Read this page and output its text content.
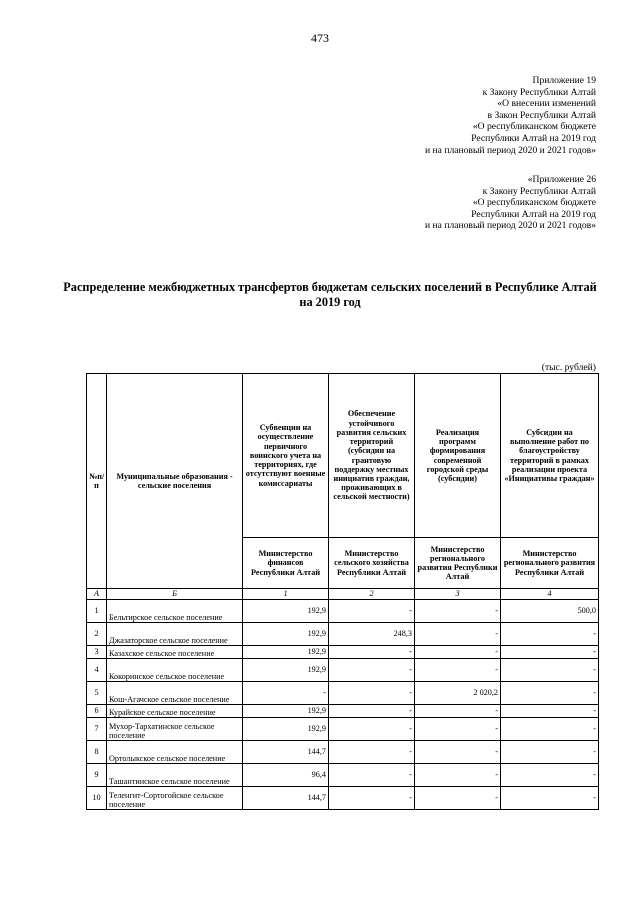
473
Приложение 19
к Закону Республики Алтай
«О внесении изменений
в Закон Республики Алтай
«О республиканском бюджете
Республики Алтай на 2019 год
и на плановый период 2020 и 2021 годов»
«Приложение 26
к Закону Республики Алтай
«О республиканском бюджете
Республики Алтай на 2019 год
и на плановый период 2020 и 2021 годов»
Распределение межбюджетных трансфертов бюджетам сельских поселений в Республике Алтай на 2019 год
(тыс. рублей)
№п/п	Муниципальные образования - сельские поселения	Субвенции на осуществление первичного воинского учета на территориях, где отсутствуют военные комиссариаты	Обеспечение устойчивого развития сельских территорий (субсидии на грантовую поддержку местных инициатив граждан, проживающих в сельской местности)	Реализация программ формирования современной городской среды (субсидии)	Субсидии на выполнение работ по благоустройству территорий в рамках реализации проекта «Инициативы граждан»
		Министерство финансов Республики Алтай	Министерство сельского хозяйства Республики Алтай	Министерство регионального развития Республики Алтай	Министерство регионального развития Республики Алтай
А	Б	1	2	3	4
1	Бельтирское сельское поселение	192,9	-	-	500,0
2	Джазаторское сельское поселение	192,9	248,3	-	-
3	Казахское сельское поселение	192,9	-	-	-
4	Кокоринское сельское поселение	192,9	-	-	-
5	Кош-Агачское сельское поселение	-	-	2 020,2	-
6	Курайское сельское поселение	192,9	-	-	-
7	Мухор-Тархатинское сельское поселение	192,9	-	-	-
8	Ортолыкское сельское поселение	144,7	-	-	-
9	Ташантинское сельское поселение	96,4	-	-	-
10	Теленгит-Сортогойское сельское поселение	144,7	-	-	-
